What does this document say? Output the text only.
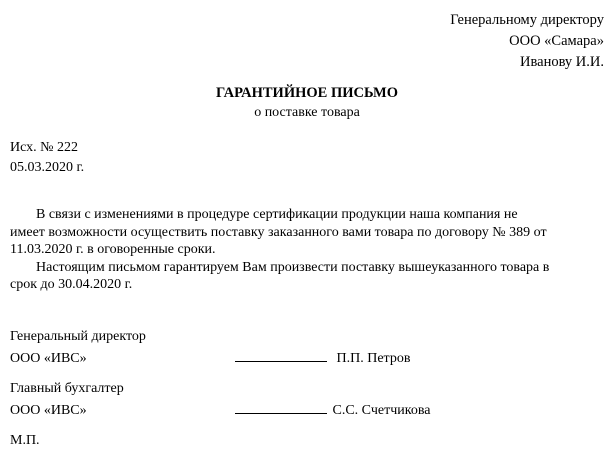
Генеральному директору
ООО «Самара»
Иванову И.И.
ГАРАНТИЙНОЕ ПИСЬМО
о поставке товара
Исх. № 222
05.03.2020 г.

В связи с изменениями в процедуре сертификации продукции наша компания не

имеет возможности осуществить поставку заказанного вами товара по договору № 389 от

11.03.2020 г. в оговоренные сроки.

Настоящим письмом гарантируем Вам произвести поставку вышеуказанного товара в

срок до 30.04.2020 г.

Генеральный директор
ООО «ИВС»	П.П. Петров
Главный бухгалтер
ООО «ИВС»	С.С. Счетчикова
М.П.
